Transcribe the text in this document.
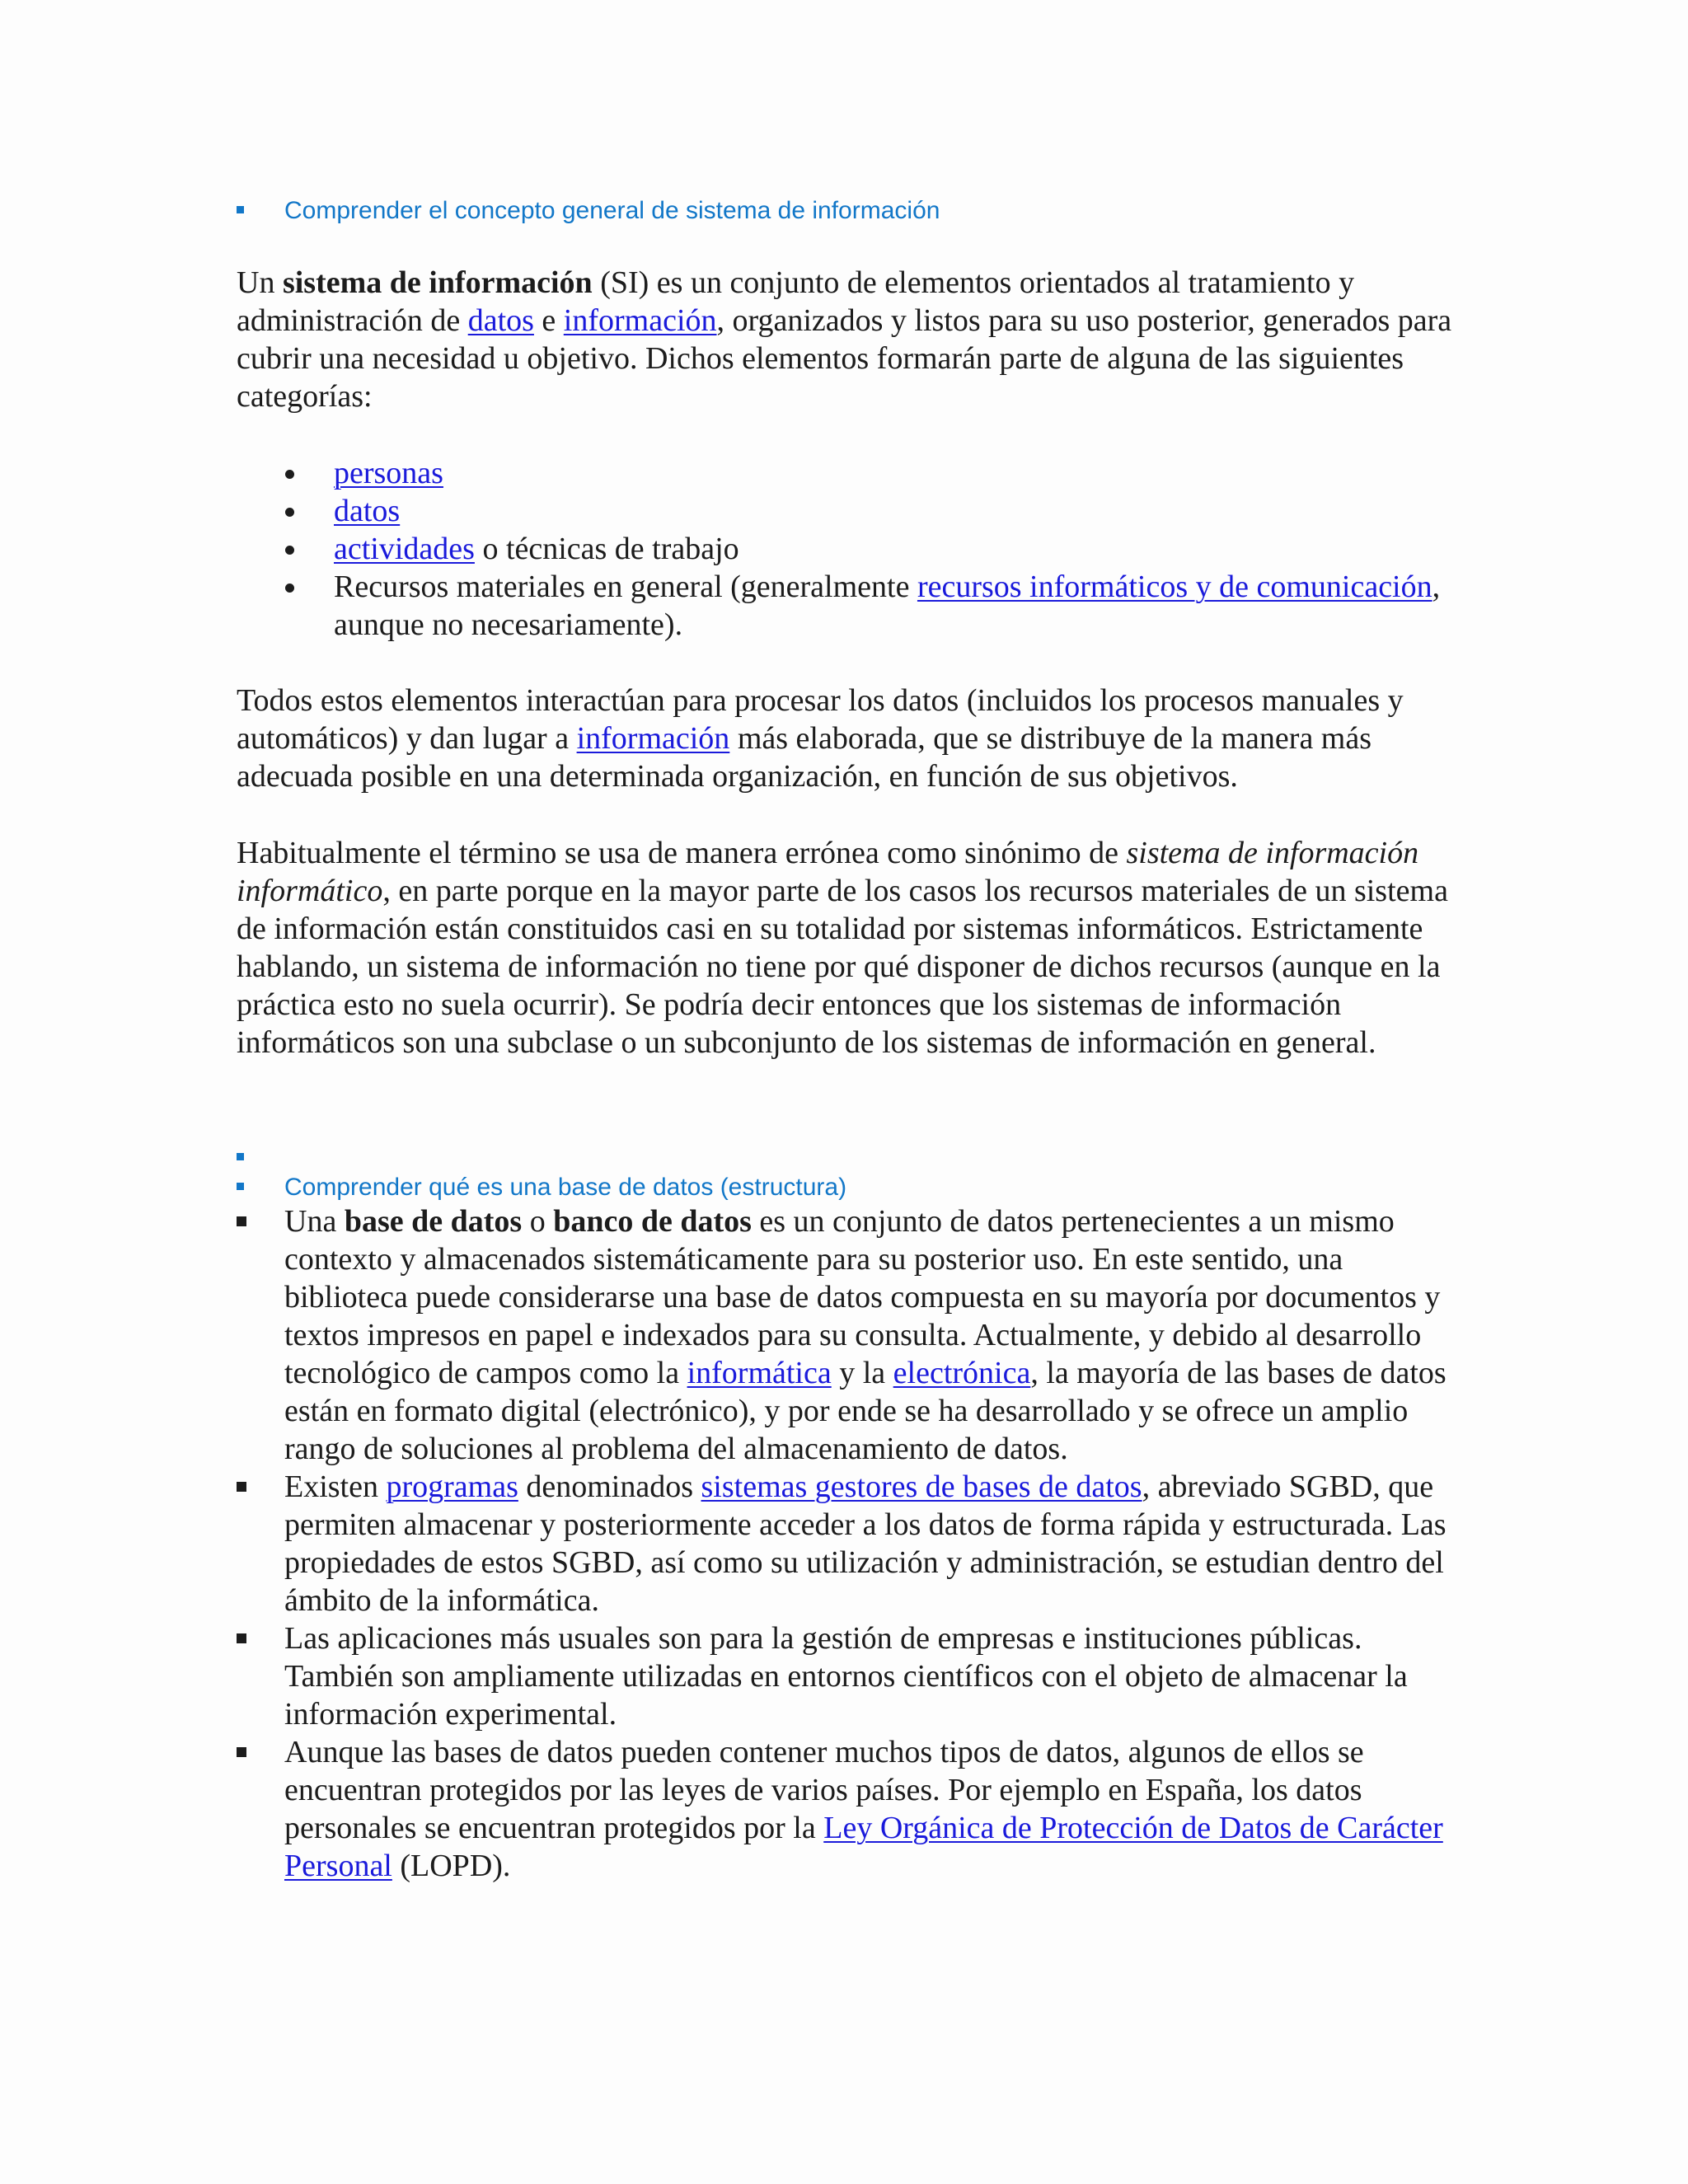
Comprender el concepto general de sistema de información

Un sistema de información (SI) es un conjunto de elementos orientados al tratamiento y administración de datos e información, organizados y listos para su uso posterior, generados para cubrir una necesidad u objetivo. Dichos elementos formarán parte de alguna de las siguientes categorías:

personas
datos
actividades o técnicas de trabajo
Recursos materiales en general (generalmente recursos informáticos y de comunicación, aunque no necesariamente).

Todos estos elementos interactúan para procesar los datos (incluidos los procesos manuales y automáticos) y dan lugar a información más elaborada, que se distribuye de la manera más adecuada posible en una determinada organización, en función de sus objetivos.

Habitualmente el término se usa de manera errónea como sinónimo de sistema de información informático, en parte porque en la mayor parte de los casos los recursos materiales de un sistema de información están constituidos casi en su totalidad por sistemas informáticos. Estrictamente hablando, un sistema de información no tiene por qué disponer de dichos recursos (aunque en la práctica esto no suela ocurrir). Se podría decir entonces que los sistemas de información informáticos son una subclase o un subconjunto de los sistemas de información en general.

Comprender qué es una base de datos (estructura)
Una base de datos o banco de datos es un conjunto de datos pertenecientes a un mismo contexto y almacenados sistemáticamente para su posterior uso. En este sentido, una biblioteca puede considerarse una base de datos compuesta en su mayoría por documentos y textos impresos en papel e indexados para su consulta. Actualmente, y debido al desarrollo tecnológico de campos como la informática y la electrónica, la mayoría de las bases de datos están en formato digital (electrónico), y por ende se ha desarrollado y se ofrece un amplio rango de soluciones al problema del almacenamiento de datos.
Existen programas denominados sistemas gestores de bases de datos, abreviado SGBD, que permiten almacenar y posteriormente acceder a los datos de forma rápida y estructurada. Las propiedades de estos SGBD, así como su utilización y administración, se estudian dentro del ámbito de la informática.
Las aplicaciones más usuales son para la gestión de empresas e instituciones públicas. También son ampliamente utilizadas en entornos científicos con el objeto de almacenar la información experimental.
Aunque las bases de datos pueden contener muchos tipos de datos, algunos de ellos se encuentran protegidos por las leyes de varios países. Por ejemplo en España, los datos personales se encuentran protegidos por la Ley Orgánica de Protección de Datos de Carácter Personal (LOPD).
